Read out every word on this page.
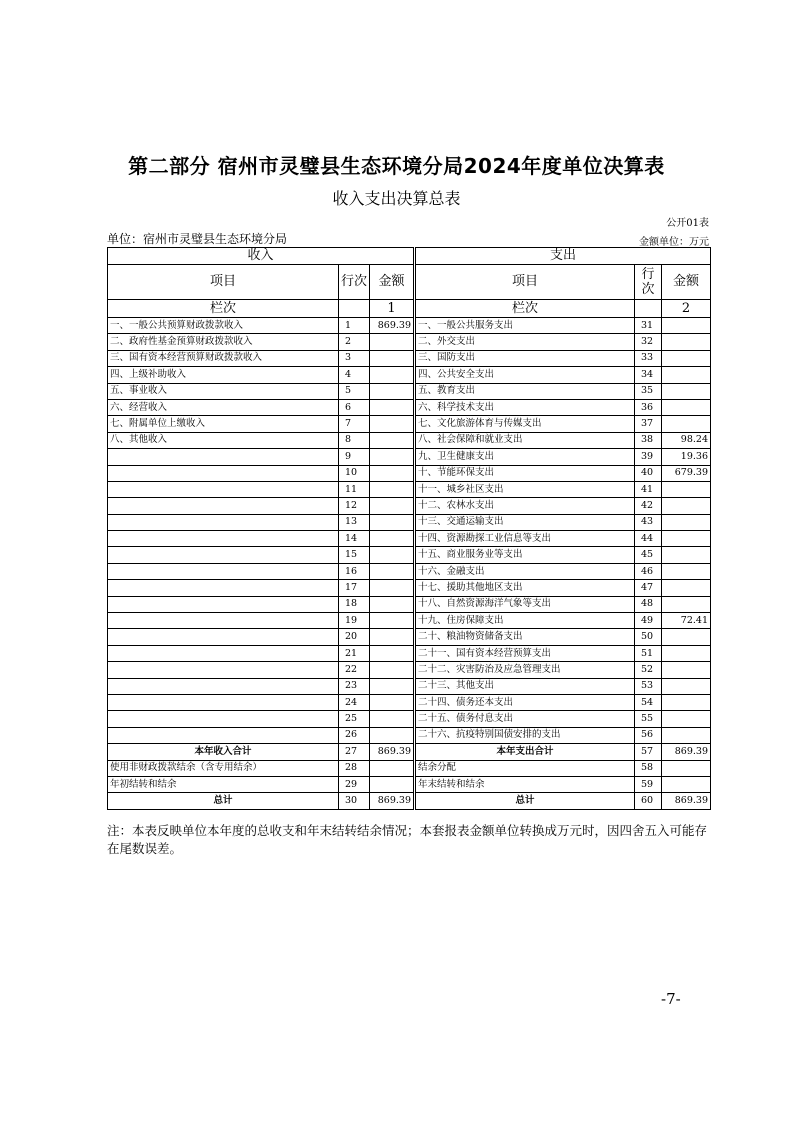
第二部分 宿州市灵璧县生态环境分局2024年度单位决算表
收入支出决算总表
公开01表
单位：宿州市灵璧县生态环境分局	金额单位：万元
收入			支出		
项目	行次	金额	项目	行次	金额
栏次		1	栏次		2
一、一般公共预算财政拨款收入	1	869.39	一、一般公共服务支出	31	
二、政府性基金预算财政拨款收入	2		二、外交支出	32	
三、国有资本经营预算财政拨款收入	3		三、国防支出	33	
四、上级补助收入	4		四、公共安全支出	34	
五、事业收入	5		五、教育支出	35	
六、经营收入	6		六、科学技术支出	36	
七、附属单位上缴收入	7		七、文化旅游体育与传媒支出	37	
八、其他收入	8		八、社会保障和就业支出	38	98.24
	9		九、卫生健康支出	39	19.36
	10		十、节能环保支出	40	679.39
	11		十一、城乡社区支出	41	
	12		十二、农林水支出	42	
	13		十三、交通运输支出	43	
	14		十四、资源勘探工业信息等支出	44	
	15		十五、商业服务业等支出	45	
	16		十六、金融支出	46	
	17		十七、援助其他地区支出	47	
	18		十八、自然资源海洋气象等支出	48	
	19		十九、住房保障支出	49	72.41
	20		二十、粮油物资储备支出	50	
	21		二十一、国有资本经营预算支出	51	
	22		二十二、灾害防治及应急管理支出	52	
	23		二十三、其他支出	53	
	24		二十四、债务还本支出	54	
	25		二十五、债务付息支出	55	
	26		二十六、抗疫特别国债安排的支出	56	
本年收入合计	27	869.39	本年支出合计	57	869.39
使用非财政拨款结余（含专用结余）	28		结余分配	58	
年初结转和结余	29		年末结转和结余	59	
总计	30	869.39	总计	60	869.39
注：本表反映单位本年度的总收支和年末结转结余情况；本套报表金额单位转换成万元时，因四舍五入可能存在尾数误差。
-7-
